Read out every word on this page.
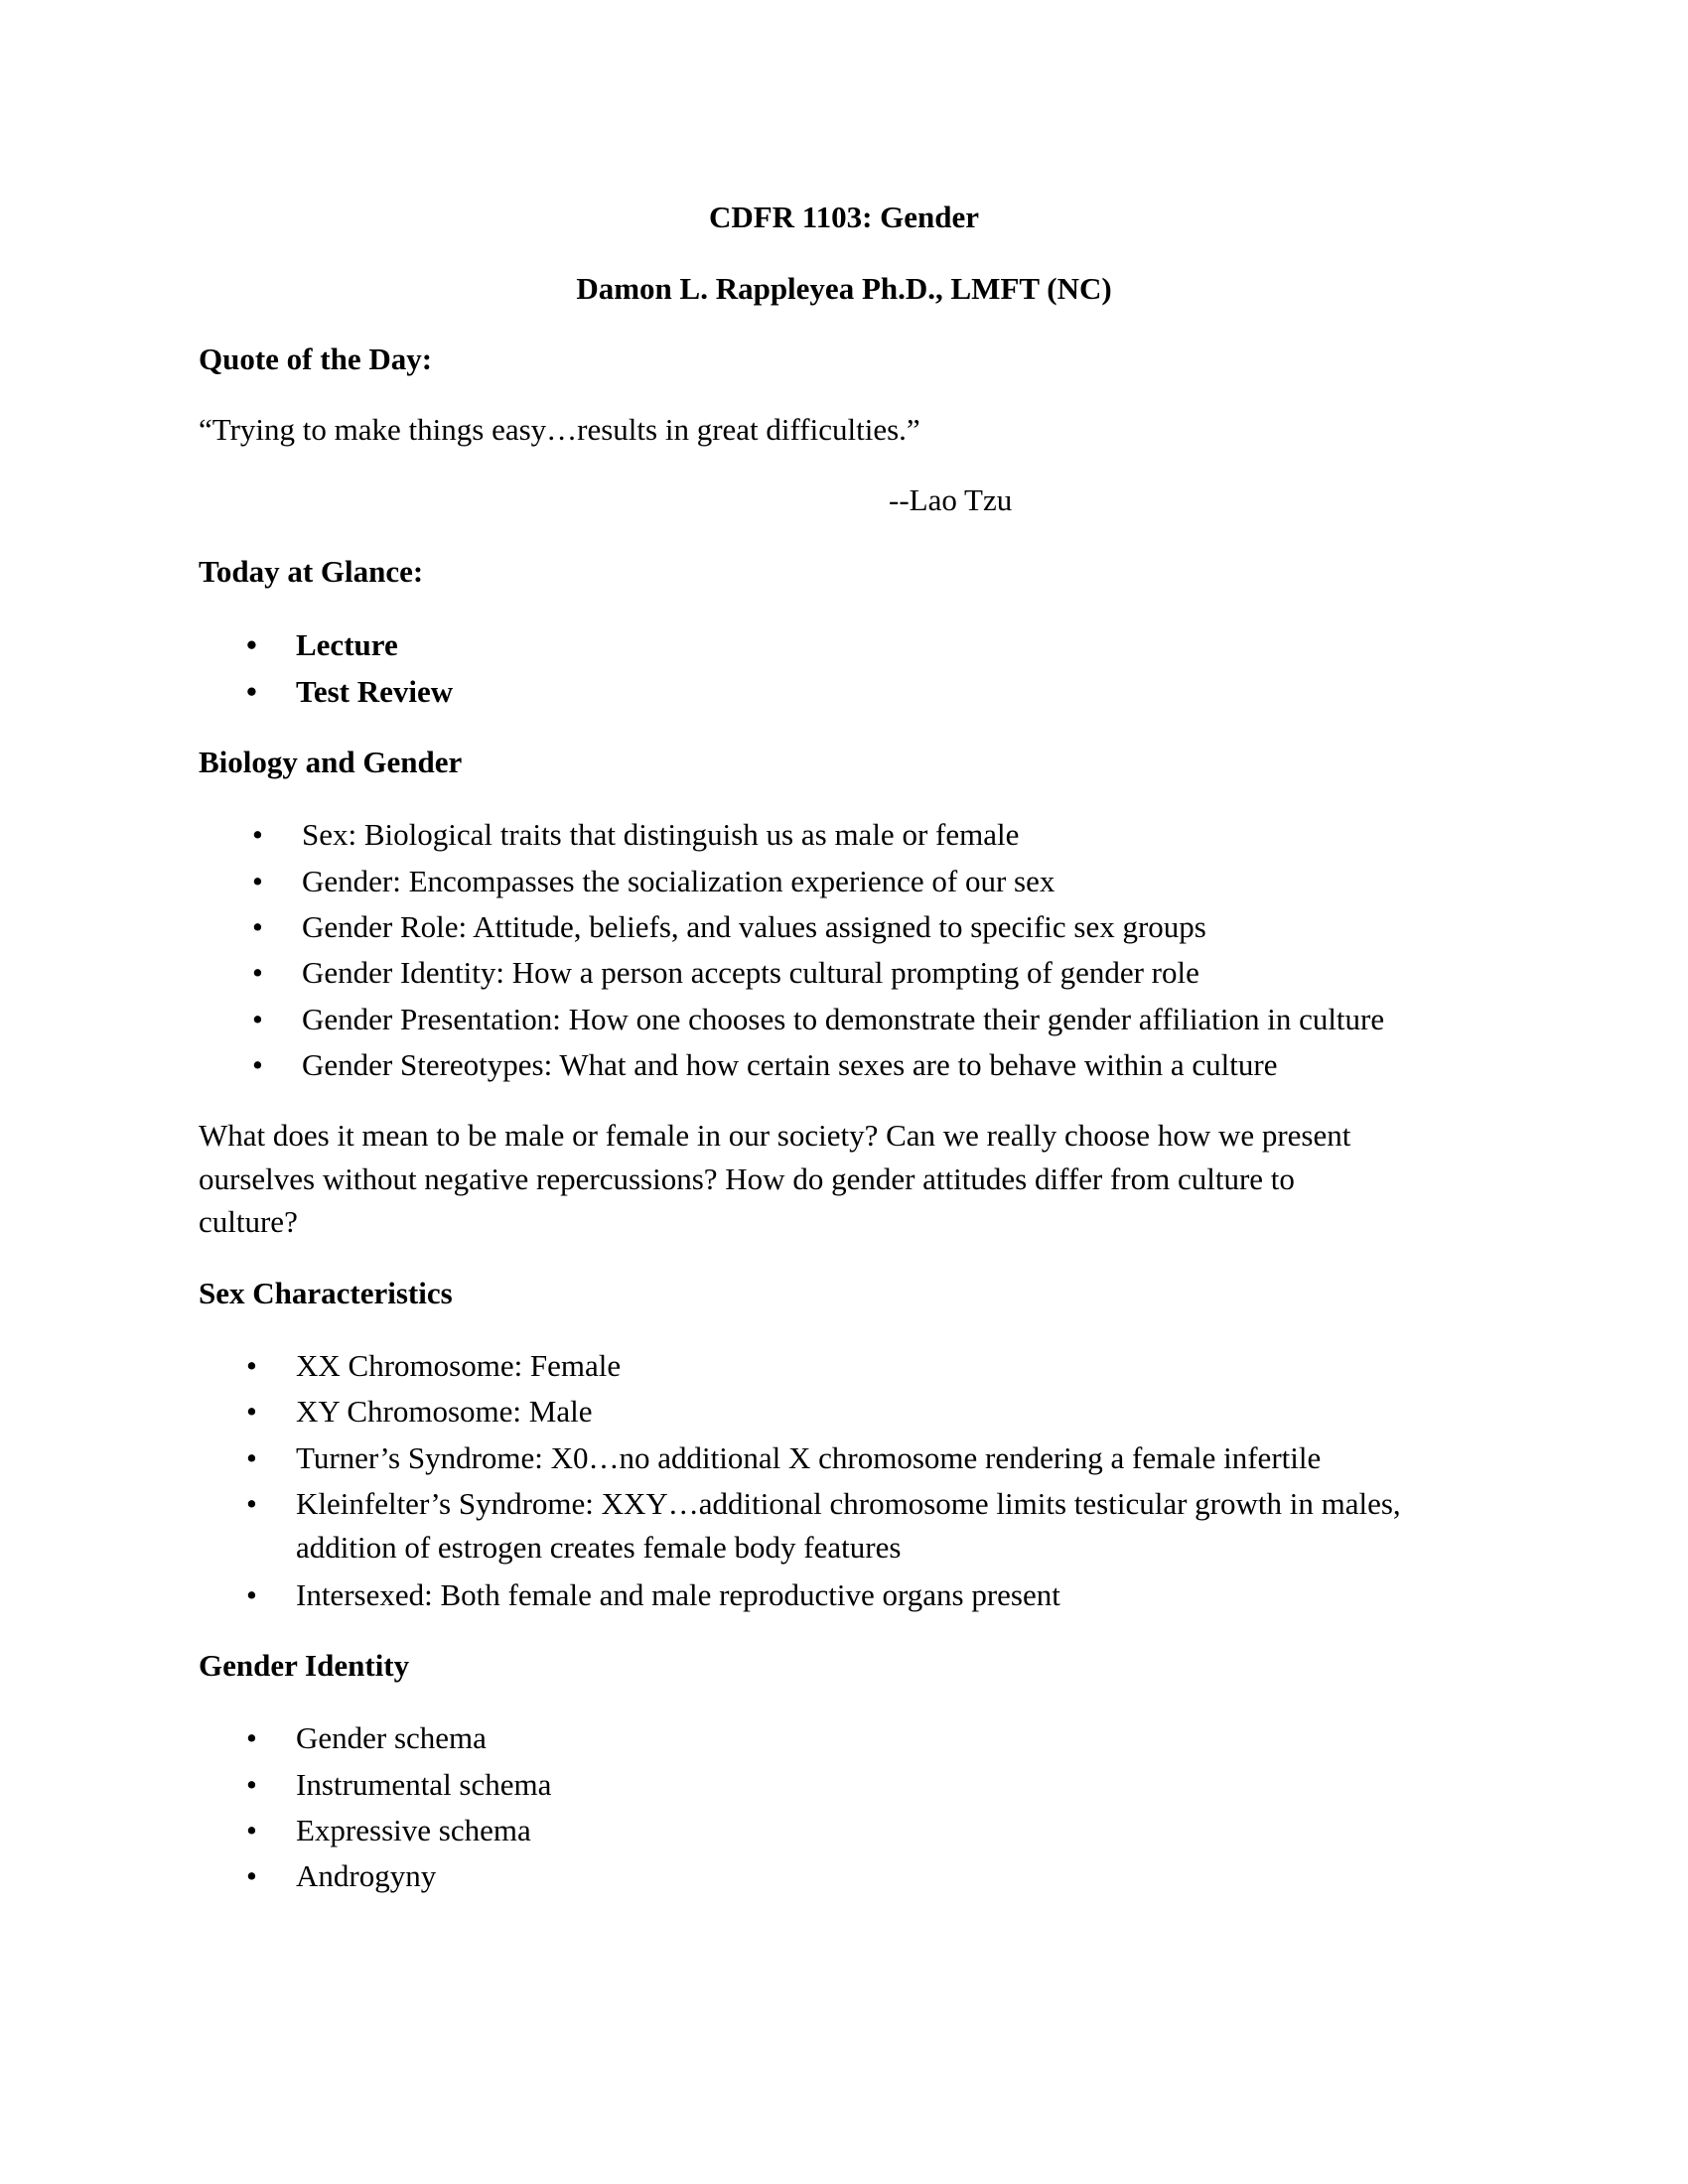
CDFR 1103: Gender
Damon L. Rappleyea Ph.D., LMFT (NC)
Quote of the Day:
“Trying to make things easy…results in great difficulties.”
--Lao Tzu
Today at Glance:
• Lecture
• Test Review
Biology and Gender
• Sex: Biological traits that distinguish us as male or female
• Gender: Encompasses the socialization experience of our sex
• Gender Role: Attitude, beliefs, and values assigned to specific sex groups
• Gender Identity: How a person accepts cultural prompting of gender role
• Gender Presentation: How one chooses to demonstrate their gender affiliation in culture
• Gender Stereotypes: What and how certain sexes are to behave within a culture
What does it mean to be male or female in our society? Can we really choose how we present
ourselves without negative repercussions? How do gender attitudes differ from culture to
culture?
Sex Characteristics
• XX Chromosome: Female
• XY Chromosome: Male
• Turner’s Syndrome: X0…no additional X chromosome rendering a female infertile
• Kleinfelter’s Syndrome: XXY…additional chromosome limits testicular growth in males,
addition of estrogen creates female body features
• Intersexed: Both female and male reproductive organs present
Gender Identity
• Gender schema
• Instrumental schema
• Expressive schema
• Androgyny
